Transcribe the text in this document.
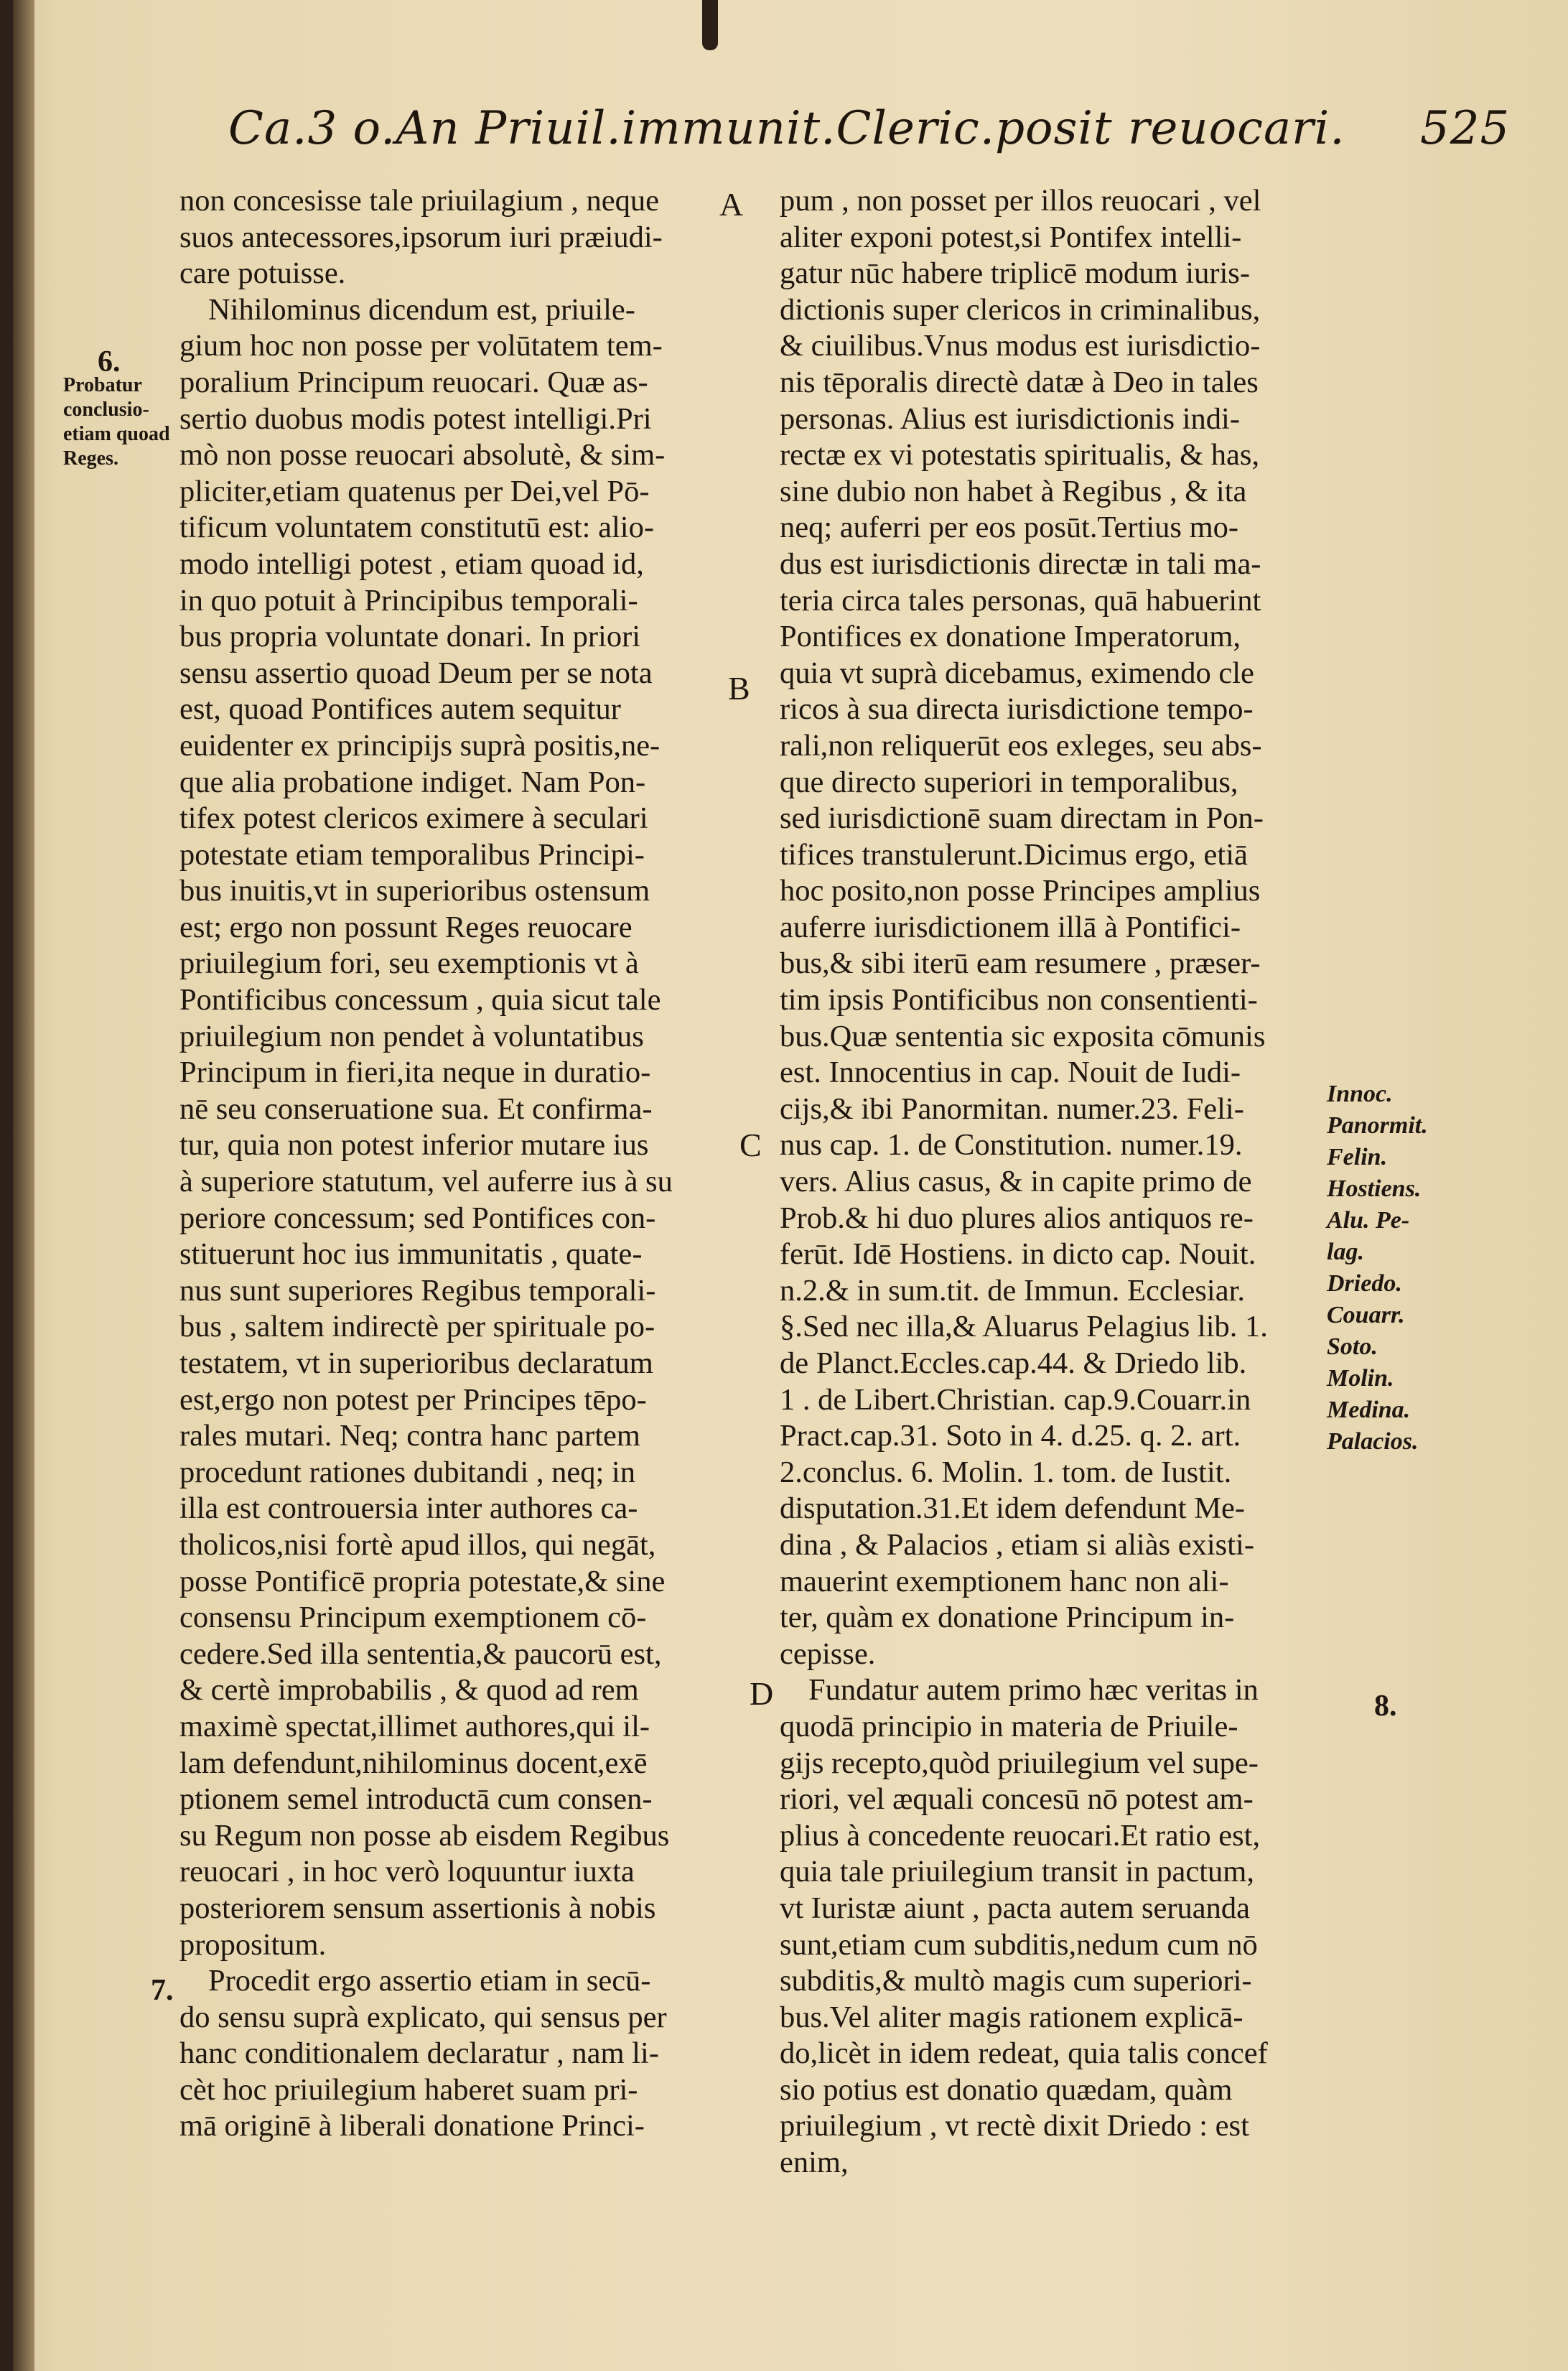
Ca.3 o.An Priuil.immunit.Cleric.posit reuocari. 525
6.
Probatur
conclusio-
etiam quoad
Reges.
7.
A
B
C
D
non concesisse tale priuilagium , neque
suos antecessores,ipsorum iuri præiudi-
care potuisse.
Nihilominus dicendum est, priuile-
gium hoc non posse per volūtatem tem-
poralium Principum reuocari. Quæ as-
sertio duobus modis potest intelligi.Pri
mò non posse reuocari absolutè, & sim-
pliciter,etiam quatenus per Dei,vel Pō-
tificum voluntatem constitutū est: alio-
modo intelligi potest , etiam quoad id,
in quo potuit à Principibus temporali-
bus propria voluntate donari. In priori
sensu assertio quoad Deum per se nota
est, quoad Pontifices autem sequitur
euidenter ex principijs suprà positis,ne-
que alia probatione indiget. Nam Pon-
tifex potest clericos eximere à seculari
potestate etiam temporalibus Principi-
bus inuitis,vt in superioribus ostensum
est; ergo non possunt Reges reuocare
priuilegium fori, seu exemptionis vt à
Pontificibus concessum , quia sicut tale
priuilegium non pendet à voluntatibus
Principum in fieri,ita neque in duratio-
nē seu conseruatione sua. Et confirma-
tur, quia non potest inferior mutare ius
à superiore statutum, vel auferre ius à su
periore concessum; sed Pontifices con-
stituerunt hoc ius immunitatis , quate-
nus sunt superiores Regibus temporali-
bus , saltem indirectè per spirituale po-
testatem, vt in superioribus declaratum
est,ergo non potest per Principes tēpo-
rales mutari. Neq; contra hanc partem
procedunt rationes dubitandi , neq; in
illa est controuersia inter authores ca-
tholicos,nisi fortè apud illos, qui negāt,
posse Pontificē propria potestate,& sine
consensu Principum exemptionem cō-
cedere.Sed illa sententia,& paucorū est,
& certè improbabilis , & quod ad rem
maximè spectat,illimet authores,qui il-
lam defendunt,nihilominus docent,exē
ptionem semel introductā cum consen-
su Regum non posse ab eisdem Regibus
reuocari , in hoc verò loquuntur iuxta
posteriorem sensum assertionis à nobis
propositum.
Procedit ergo assertio etiam in secū-
do sensu suprà explicato, qui sensus per
hanc conditionalem declaratur , nam li-
cèt hoc priuilegium haberet suam pri-
mā originē à liberali donatione Princi-
pum , non posset per illos reuocari , vel
aliter exponi potest,si Pontifex intelli-
gatur nūc habere triplicē modum iuris-
dictionis super clericos in criminalibus,
& ciuilibus.Vnus modus est iurisdictio-
nis tēporalis directè datæ à Deo in tales
personas. Alius est iurisdictionis indi-
rectæ ex vi potestatis spiritualis, & has,
sine dubio non habet à Regibus , & ita
neq; auferri per eos posūt.Tertius mo-
dus est iurisdictionis directæ in tali ma-
teria circa tales personas, quā habuerint
Pontifices ex donatione Imperatorum,
quia vt suprà dicebamus, eximendo cle
ricos à sua directa iurisdictione tempo-
rali,non reliquerūt eos exleges, seu abs-
que directo superiori in temporalibus,
sed iurisdictionē suam directam in Pon-
tifices transtulerunt.Dicimus ergo, etiā
hoc posito,non posse Principes amplius
auferre iurisdictionem illā à Pontifici-
bus,& sibi iterū eam resumere , præser-
tim ipsis Pontificibus non consentienti-
bus.Quæ sententia sic exposita cōmunis
est. Innocentius in cap. Nouit de Iudi-
cijs,& ibi Panormitan. numer.23. Feli-
nus cap. 1. de Constitution. numer.19.
vers. Alius casus, & in capite primo de
Prob.& hi duo plures alios antiquos re-
ferūt. Idē Hostiens. in dicto cap. Nouit.
n.2.& in sum.tit. de Immun. Ecclesiar.
§.Sed nec illa,& Aluarus Pelagius lib. 1.
de Planct.Eccles.cap.44. & Driedo lib.
1 . de Libert.Christian. cap.9.Couarr.in
Pract.cap.31. Soto in 4. d.25. q. 2. art.
2.conclus. 6. Molin. 1. tom. de Iustit.
disputation.31.Et idem defendunt Me-
dina , & Palacios , etiam si aliàs existi-
mauerint exemptionem hanc non ali-
ter, quàm ex donatione Principum in-
cepisse.
Fundatur autem primo hæc veritas in
quodā principio in materia de Priuile-
gijs recepto,quòd priuilegium vel supe-
riori, vel æquali concesū nō potest am-
plius à concedente reuocari.Et ratio est,
quia tale priuilegium transit in pactum,
vt Iuristæ aiunt , pacta autem seruanda
sunt,etiam cum subditis,nedum cum nō
subditis,& multò magis cum superiori-
bus.Vel aliter magis rationem explicā-
do,licèt in idem redeat, quia talis concef
sio potius est donatio quædam, quàm
priuilegium , vt rectè dixit Driedo : est
enim,
Innoc.
Panormit.
Felin.
Hostiens.
Alu. Pe-
lag.
Driedo.
Couarr.
Soto.
Molin.
Medina.
Palacios.
8.
